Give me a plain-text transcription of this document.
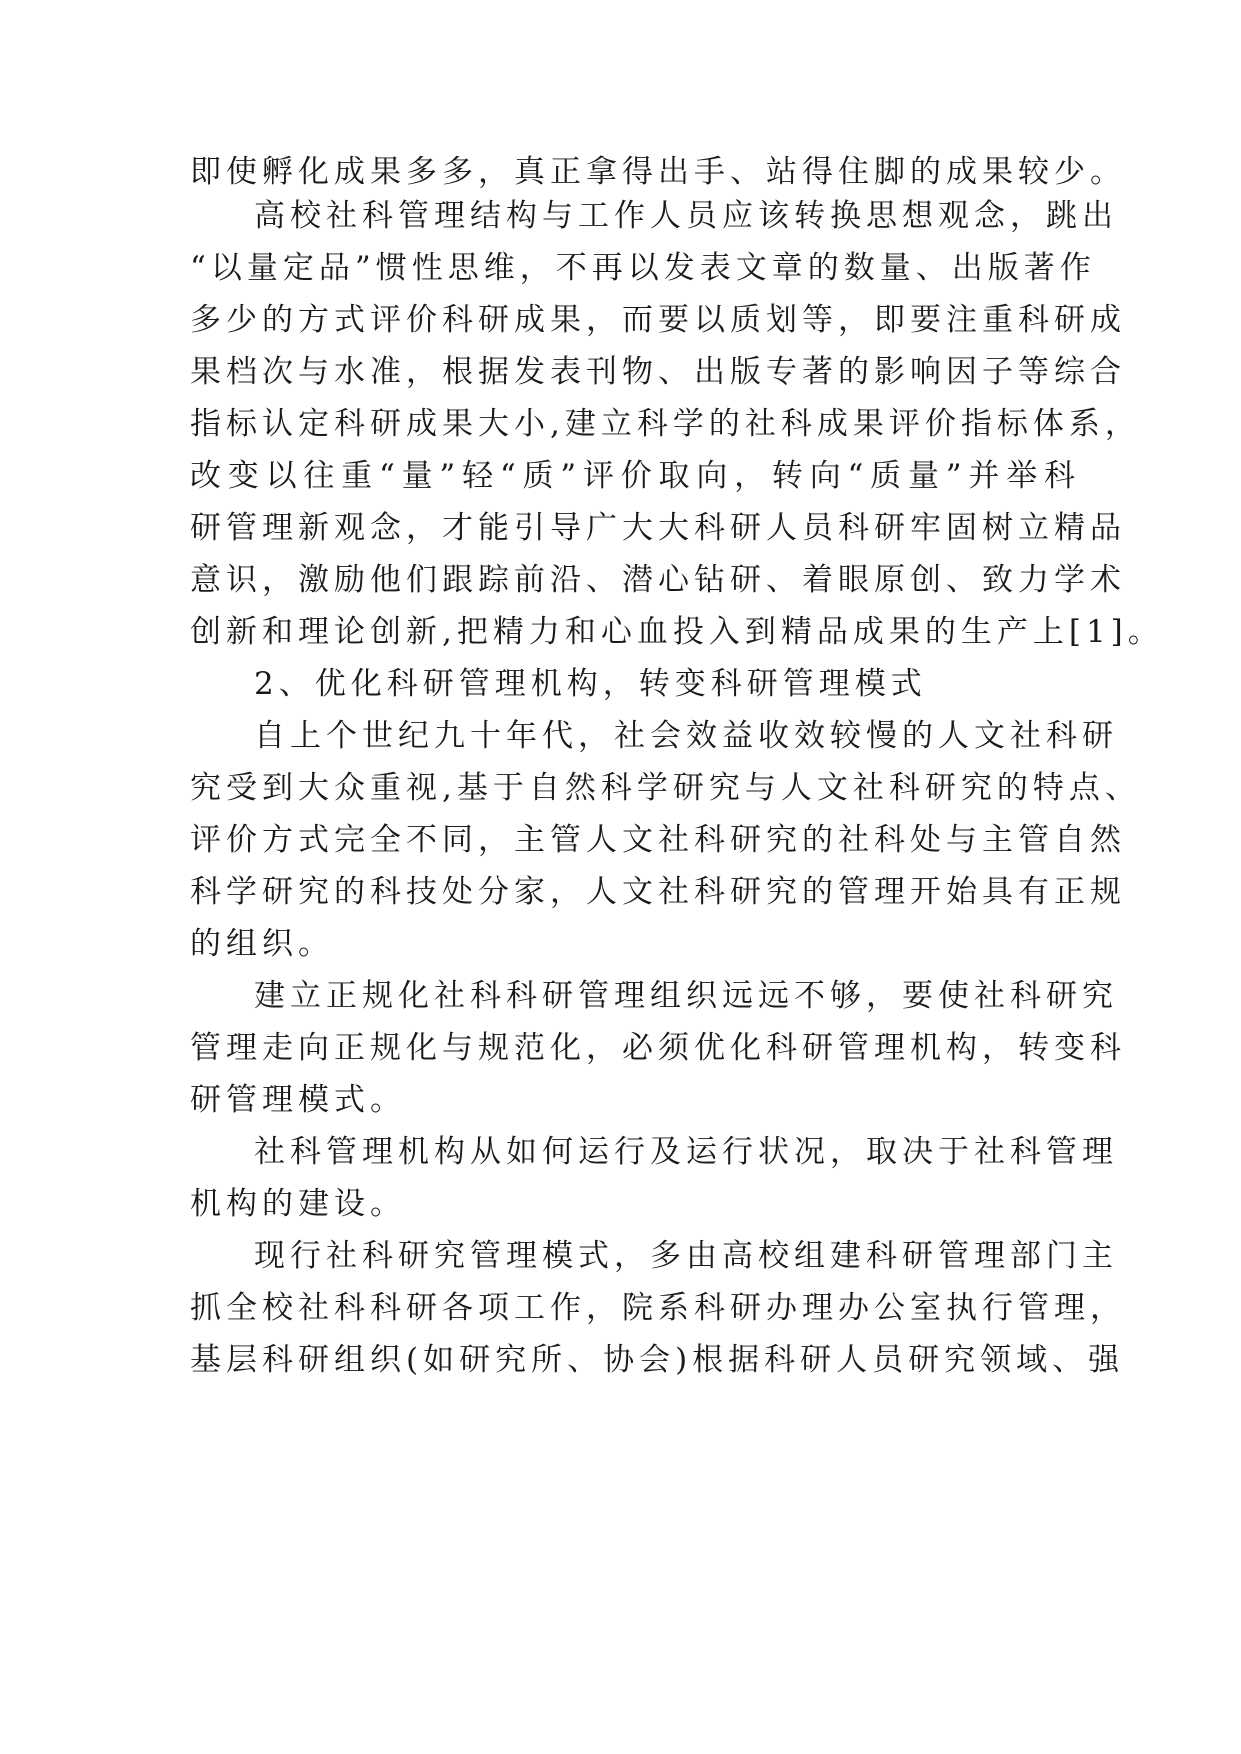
即使孵化成果多多，真正拿得出手、站得住脚的成果较少。
高校社科管理结构与工作人员应该转换思想观念，跳出
“以量定品”惯性思维，不再以发表文章的数量、出版著作
多少的方式评价科研成果，而要以质划等，即要注重科研成
果档次与水准，根据发表刊物、出版专著的影响因子等综合
指标认定科研成果大小,建立科学的社科成果评价指标体系，
改变以往重“量”轻“质”评价取向，转向“质量”并举科
研管理新观念，才能引导广大大科研人员科研牢固树立精品
意识，激励他们跟踪前沿、潜心钻研、着眼原创、致力学术
创新和理论创新,把精力和心血投入到精品成果的生产上[1]。
2、优化科研管理机构，转变科研管理模式
自上个世纪九十年代，社会效益收效较慢的人文社科研
究受到大众重视,基于自然科学研究与人文社科研究的特点、
评价方式完全不同，主管人文社科研究的社科处与主管自然
科学研究的科技处分家，人文社科研究的管理开始具有正规
的组织。
建立正规化社科科研管理组织远远不够，要使社科研究
管理走向正规化与规范化，必须优化科研管理机构，转变科
研管理模式。
社科管理机构从如何运行及运行状况，取决于社科管理
机构的建设。
现行社科研究管理模式，多由高校组建科研管理部门主
抓全校社科科研各项工作，院系科研办理办公室执行管理，
基层科研组织(如研究所、协会)根据科研人员研究领域、强
